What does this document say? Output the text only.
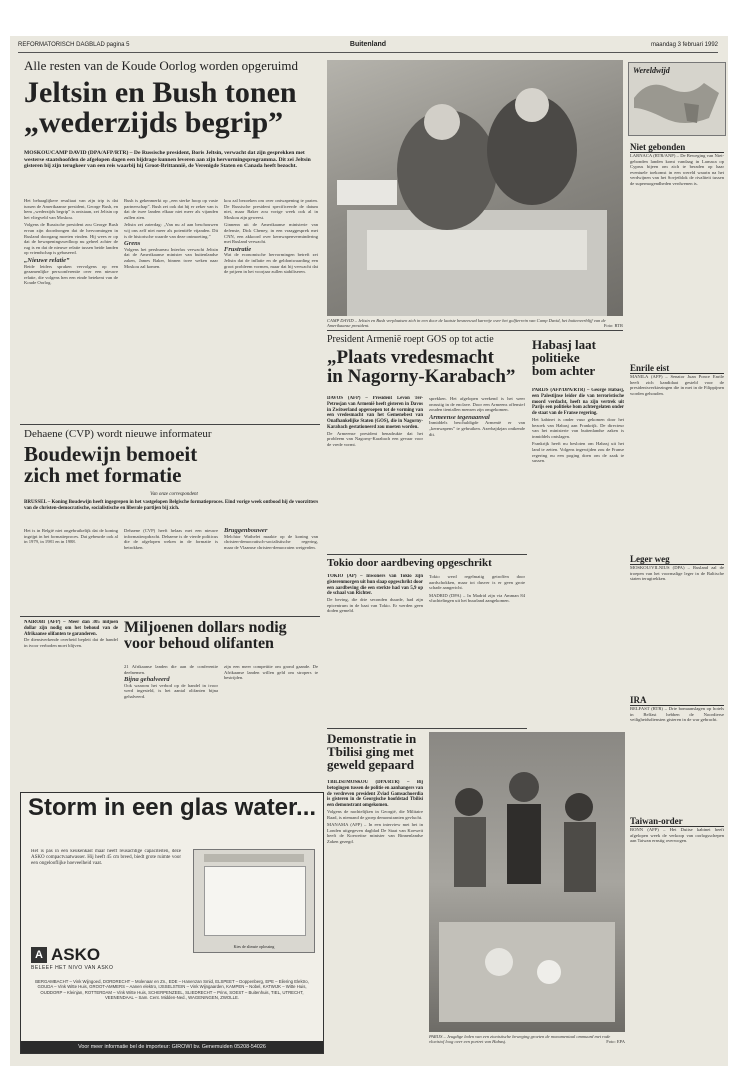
REFORMATORISCH DAGBLAD pagina 5	Buitenland	maandag 3 februari 1992
Alle resten van de Koude Oorlog worden opgeruimd
Jeltsin en Bush tonen
„wederzijds begrip”
MOSKOU/CAMP DAVID (DPA/AFP/RTR) – De Russische president, Boris Jeltsin, verwacht dat zijn gesprekken met westerse staatshoofden de afgelopen dagen een bijdrage kunnen leveren aan zijn hervormingsprogramma. Dit zei Jeltsin gisteren bij zijn terugkeer van een reis waarbij hij Groot-Brittannië, de Verenigde Staten en Canada heeft bezocht.

Het behaaglijkere resultaat van zijn trip is dat tussen de Amerikaanse president, George Bush, en hem „wederzijds begrip” is ontstaan, zei Jeltsin op het vliegveld van Moskou.

Volgens de Russische president zou George Bush ervan zijn doordrongen dat de hervormingen in Rusland doorgang moeten vinden. Hij wees er op dat de bewapeningswedloop nu geheel achter de rug is en dat de nieuwe relatie tussen beide landen op vriendschap is gebaseerd.

„Nieuwe relatie”

Beide leiders spraken vervolgens op een gezamenlijke persconferentie over een nieuwe relatie, die volgens hen een einde betekent van de Koude Oorlog.

Bush is gekenmerkt op „een sterke hoop op vaste partnerschap”. Bush zei ook dat hij er zeker van is dat de twee landen elkaar niet meer als vijanden zullen zien.

Jeltsin zei zaterdag: „Van nu af aan beschouwen wij ons zelf niet meer als potentiële vijanden. Dit is de historische waarde van deze ontmoeting.”

Grens

Volgens het persbureau Interfax verwacht Jeltsin dat de Amerikaanse minister van buitenlandse zaken, James Baker, binnen twee weken naar Moskou zal komen.

kou zal bezoeken om over ontwapening te praten. De Russische president specificeerde de datum niet, maar Baker zou vorige week ook al in Moskou zijn geweest.

Ginnenn uit de Amerikaanse ministerie van defensie, Dick Cheney, in een vraaggesprek met CNN, een akkoord over kernwapenvermindering met Rusland verwacht.

Frustratie

Wat de economische hervormingen betreft zei Jeltsin dat de inflatie en de geldontwaarding een groot probleem vormen, maar dat hij verwacht dat de prijzen in het voorjaar zullen stabiliseren.

CAMP DAVID – Jeltsin en Bush verplaatsen zich in een door de laatste besneeuwd karretje over het golfterrein van Camp David, het buitenverblijf van de Amerikaanse president.	Foto: RTR
Wereldwijd
Niet gebonden
LARNACA (RTR/ANP) – De Beweging van Niet-gebonden landen komt vandaag in Larnaca op Cyprus bijeen om zich te beraden op haar eventuele toekomst in een wereld waarin na het verdwijnen van het Sovjetblok de rivaliteit tussen de supermogendheden verdwenen is.
Enrile eist
MANILA (AFP) – Senator Juan Ponce Enrile heeft zich kandidaat gesteld voor de presidentsverkiezingen die in mei in de Filippijnen worden gehouden.
Leger weg
MOSKOU/VILNIUS (DPA) – Rusland zal de troepen van het voormalige leger in de Baltische staten terugtrekken.
IRA
BELFAST (RTR) – Drie bomaanslagen op hotels in Belfast hebben de Noordierse veiligheidsdiensten gisteren in de war gebracht.
Taiwan-order
BONN (AFP) – Het Duitse kabinet heeft afgelopen week de verkoop van oorlogsschepen aan Taiwan ernstig overwogen.
President Armenië roept GOS op tot actie
„Plaats vredesmacht
in Nagorny-Karabach”
DAVOS (AFP) – President Levon Ter-Petrosjan van Armenië heeft gisteren in Davos in Zwitserland opgeroepen tot de vorming van een vredesmacht van het Gemenebest van Onafhankelijke Staten (GOS), die in Nagorny-Karabach gestationeerd zou moeten worden.

De Armeense president benadrukte dat het probleem van Nagorny-Karabach een gevaar voor de vrede vormt.

sprekken. Het afgelopen weekend is het weer onrustig in de enclave. Door een Armeens offensief zouden tientallen mensen zijn omgekomen.

Armeense tegenaanval

Inmiddels beschuldigde Armenië er van „kernwapens” te gebruiken. Azerbajdzjan ontkende dit.

Habasj laat
politieke
bom achter
PARIJS (AFP/DPA/RTR) – George Habasj, een Palestijnse leider die van terroristische moord verdacht, heeft na zijn vertrek uit Parijs een politieke bom achtergelaten onder de staat van de Franse regering.

Het kabinet is onder vuur gekomen door het bezoek van Habasj aan Frankrijk. De directeur van het ministerie van buitenlandse zaken is inmiddels ontslagen.

Frankrijk heeft nu besloten om Habasj uit het land te zetten. Volgens ingewijden zou de Franse regering nu een poging doen om de zaak te sussen.

Dehaene (CVP) wordt nieuwe informateur
Boudewijn bemoeit
zich met formatie
Van onze correspondent
BRUSSEL – Koning Boudewijn heeft ingegrepen in het vastgelopen Belgische formatieproces. Eind vorige week ontbood hij de voorzitters van de christen-democratische, socialistische en liberale partijen bij zich.

Het is in België niet ongebruikelijk dat de koning ingrijpt in het formatieproces. Dat gebeurde ook al in 1979, in 1981 en in 1988.

Dehaene (CVP) heeft helaas met een nieuwe informatieopdracht. Dehaene is de vierde politicus die de afgelopen weken in de formatie is betrokken.

Bruggenbouwer

Melchior Wathelet maakte op de koning van christen-democratisch-socialistische regering, maar de Vlaamse christen-democraten weigerden.

Tokio door aardbeving opgeschrikt
TOKIO (AP) – Inwoners van Tokio zijn gisterenmorgen uit hun slaap opgeschrikt door een aardbeving die een sterkte had van 5,9 op de schaal van Richter.

De beving, die drie seconden duurde, had zijn epicentrum in de baai van Tokio. Er werden geen doden gemeld.

Tokio werd regelmatig getroffen door aardschokken, maar tot dusver is er geen grote schade aangericht.

MADRID (DPA) – In Madrid zijn via Amman 84 vluchtelingen uit het buurland aangekomen.

NAIROBI (AFP) – Meer dan 305 miljoen dollar zijn nodig om het behoud van de Afrikaanse olifanten te garanderen.

De dienstverkende overheid bepleit dat de handel in ivoor verboden moet blijven.

Miljoenen dollars nodig
voor behoud olifanten

21 Afrikaanse landen die aan de conferentie deelnemen.

Bijna gehalveerd

Ook waarom het verbod op de handel in ivoor werd ingesteld, is het aantal olifanten bijna gehalveerd.

zijn een meer competitie om grond gaande. De Afrikaanse landen willen geld om stropers te bestrijden.

Demonstratie in
Tbilisi ging met
geweld gepaard
TBILISI/MOSKOU (DPA/RTR) – Bij betogingen tussen de politie en aanhangers van de verdreven president Zviad Gamsachoerdia is gisteren in de Georgische hoofdstad Tbilisi een demonstrant omgekomen.

Volgens de nachtelijken in Georgië, die Militaire Raad, is niemand de groep demonstranten gevlucht.

MANAMA (AFP) – In een interview met het in Londen uitgegeven dagblad De Staat van Koeweit heeft de Koeweitse minister van Binnenlandse Zaken gezegd.

PARIJS – Jeugdige leden van een zionistische beweging groeten de monumentaal ommuurd met rode vloeistof loog over een portret van Habasj.	Foto: EPA
Storm in een glas water...
Het is pas in een keukenkast maar heeft reusachtige capaciteiten, deze ASKO compactvaatwasser. Hij heeft 45 cm breed, biedt grote ruimte voor een ongelooflijke hoeveelheid vaat.
Kies de slimste oplossing
A ASKO
BELEEF HET NIVO VAN ASKO
BERGAMBACHT – Vink Wijngoed, DORDRECHT – Molenaar en Zn., EDE – Hanenzan Smid, ELSPEET – Doppenberg, EPE – Eilering Elektro, GOUDA – Vink Witte Huis, GROOT-AMMERS – Aanen elektro, IJSSELSTEIN – Vink Wijngaarden, KAMPEN – Nobel, KATWIJK – Witte Huis, OUDDORP – Kleinjan, ROTTERDAM – Vink Witte Huis, SCHERPENZEEL, SLIEDRECHT – Prins, SOEST – Buitenhuis, TIEL, UTRECHT, VEENENDAAL – Sam. Cent. Midden-Ned., WAGENINGEN, ZWOLLE.
Voor meer informatie bel de importeur: GIROWI bv. Genemuiden 05208-54026
